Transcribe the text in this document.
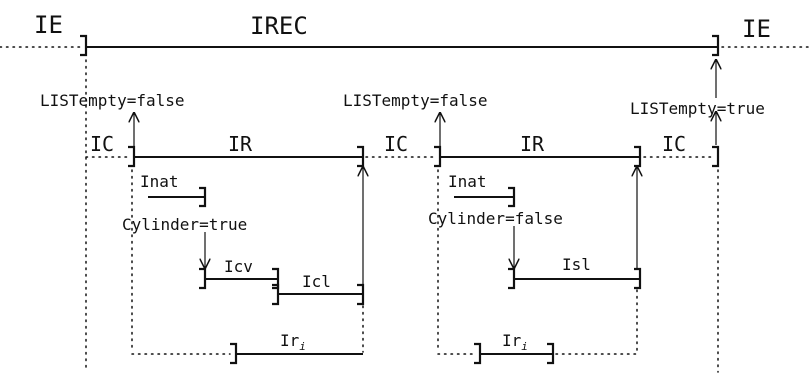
IE	IREC	IE
LISTempty=false	LISTempty=false	LISTempty=true
IC	IR	IC	IR	IC
Inat
Cylinder=true
Icv
Icl
$Ir_i$
Inat
Cylinder=false
Isl
$Ir_i$
